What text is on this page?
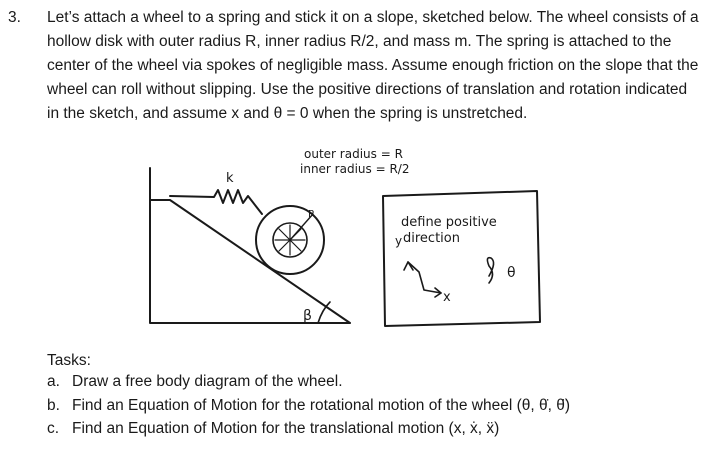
3. Let’s attach a wheel to a spring and stick it on a slope, sketched below. The wheel consists of a
hollow disk with outer radius R, inner radius R/2, and mass m. The spring is attached to the
center of the wheel via spokes of negligible mass. Assume enough friction on the slope that the
wheel can roll without slipping. Use the positive directions of translation and rotation indicated
in the sketch, and assume x and θ = 0 when the spring is unstretched.
outer radius = R
inner radius = R/2
k
R
β
define positive
direction
y
x
θ
Tasks:
a. Draw a free body diagram of the wheel.
b. Find an Equation of Motion for the rotational motion of the wheel (θ, θ̇, θ̈)
c. Find an Equation of Motion for the translational motion (x, ẋ, ẍ)
